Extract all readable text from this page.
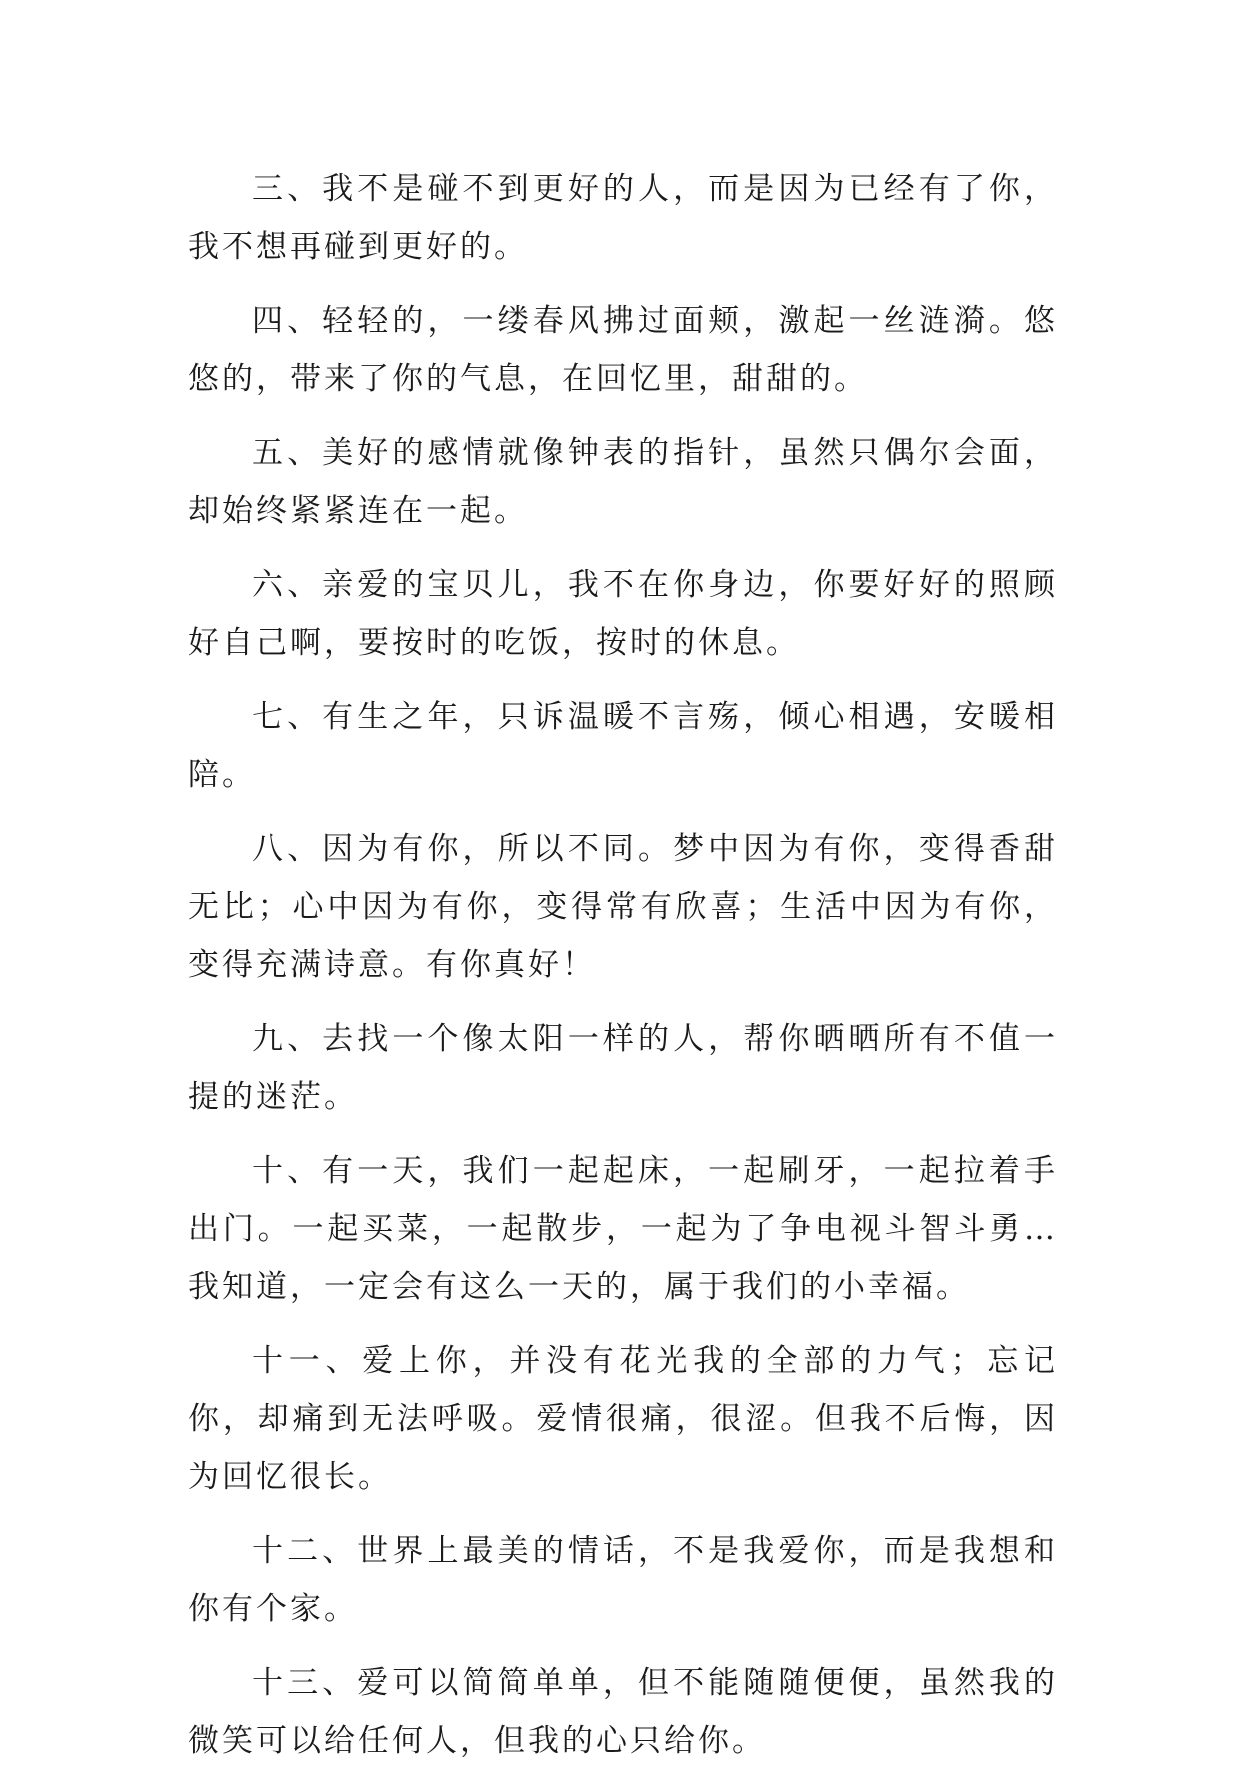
三、我不是碰不到更好的人，而是因为已经有了你，我不想再碰到更好的。

四、轻轻的，一缕春风拂过面颊，激起一丝涟漪。悠悠的，带来了你的气息，在回忆里，甜甜的。

五、美好的感情就像钟表的指针，虽然只偶尔会面，却始终紧紧连在一起。

六、亲爱的宝贝儿，我不在你身边，你要好好的照顾好自己啊，要按时的吃饭，按时的休息。

七、有生之年，只诉温暖不言殇，倾心相遇，安暖相陪。

八、因为有你，所以不同。梦中因为有你，变得香甜无比；心中因为有你，变得常有欣喜；生活中因为有你，变得充满诗意。有你真好！

九、去找一个像太阳一样的人，帮你晒晒所有不值一提的迷茫。

十、有一天，我们一起起床，一起刷牙，一起拉着手出门。一起买菜，一起散步，一起为了争电视斗智斗勇…我知道，一定会有这么一天的，属于我们的小幸福。

十一、爱上你，并没有花光我的全部的力气；忘记你，却痛到无法呼吸。爱情很痛，很涩。但我不后悔，因为回忆很长。

十二、世界上最美的情话，不是我爱你，而是我想和你有个家。

十三、爱可以简简单单，但不能随随便便，虽然我的微笑可以给任何人，但我的心只给你。
